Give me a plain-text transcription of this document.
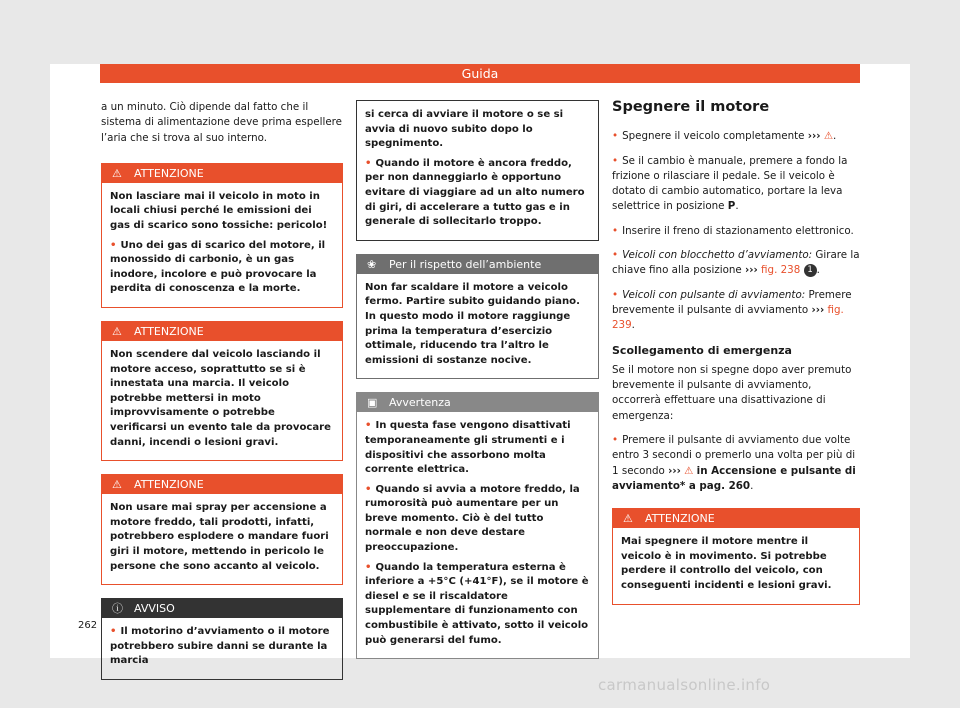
Guida

a un minuto. Ciò dipende dal fatto che il sistema di alimentazione deve prima espellere l’aria che si trova al suo interno.

⚠ ATTENZIONE

Non lasciare mai il veicolo in moto in locali chiusi perché le emissioni dei gas di scarico sono tossiche: pericolo!

• Uno dei gas di scarico del motore, il monossido di carbonio, è un gas inodore, incolore e può provocare la perdita di conoscenza e la morte.

⚠ ATTENZIONE

Non scendere dal veicolo lasciando il motore acceso, soprattutto se si è innestata una marcia. Il veicolo potrebbe mettersi in moto improvvisamente o potrebbe verificarsi un evento tale da provocare danni, incendi o lesioni gravi.

⚠ ATTENZIONE

Non usare mai spray per accensione a motore freddo, tali prodotti, infatti, potrebbero esplodere o mandare fuori giri il motore, mettendo in pericolo le persone che sono accanto al veicolo.

ⓘ AVVISO

• Il motorino d’avviamento o il motore potrebbero subire danni se durante la marcia

si cerca di avviare il motore o se si avvia di nuovo subito dopo lo spegnimento.

• Quando il motore è ancora freddo, per non danneggiarlo è opportuno evitare di viaggiare ad un alto numero di giri, di accelerare a tutto gas e in generale di sollecitarlo troppo.

❀ Per il rispetto dell’ambiente

Non far scaldare il motore a veicolo fermo. Partire subito guidando piano. In questo modo il motore raggiunge prima la temperatura d’esercizio ottimale, riducendo tra l’altro le emissioni di sostanze nocive.

▣ Avvertenza

• In questa fase vengono disattivati temporaneamente gli strumenti e i dispositivi che assorbono molta corrente elettrica.

• Quando si avvia a motore freddo, la rumorosità può aumentare per un breve momento. Ciò è del tutto normale e non deve destare preoccupazione.

• Quando la temperatura esterna è inferiore a +5°C (+41°F), se il motore è diesel e se il riscaldatore supplementare di funzionamento con combustibile è attivato, sotto il veicolo può generarsi del fumo.

Spegnere il motore

• Spegnere il veicolo completamente ››› ⚠.

• Se il cambio è manuale, premere a fondo la frizione o rilasciare il pedale. Se il veicolo è dotato di cambio automatico, portare la leva selettrice in posizione P.

• Inserire il freno di stazionamento elettronico.

• Veicoli con blocchetto d’avviamento: Girare la chiave fino alla posizione ››› fig. 238 1 .

• Veicoli con pulsante di avviamento: Premere brevemente il pulsante di avviamento ››› fig. 239.

Scollegamento di emergenza

Se il motore non si spegne dopo aver premuto brevemente il pulsante di avviamento, occorrerà effettuare una disattivazione di emergenza:

• Premere il pulsante di avviamento due volte entro 3 secondi o premerlo una volta per più di 1 secondo ››› ⚠ in Accensione e pulsante di avviamento* a pag. 260.

⚠ ATTENZIONE

Mai spegnere il motore mentre il veicolo è in movimento. Si potrebbe perdere il controllo del veicolo, con conseguenti incidenti e lesioni gravi.

262
carmanualsonline.info
